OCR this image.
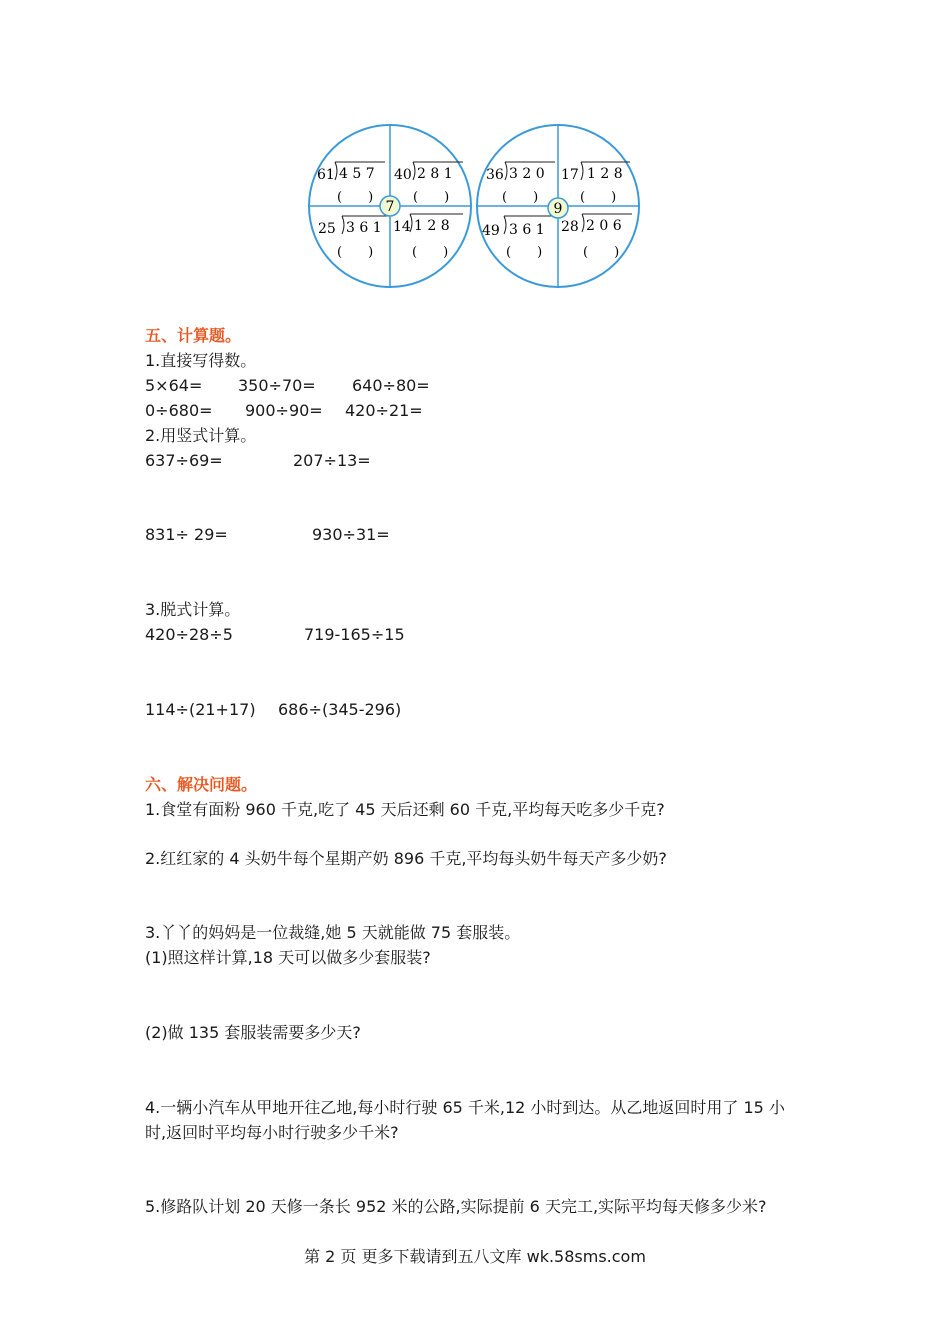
61 4 5 7
(　　)
40 2 8 1
(　　)
25 3 6 1
(　　)
14 1 2 8
(　　)
7
36 3 2 0
(　　)
17 1 2 8
(　　)
49 3 6 1
(　　)
28 2 0 6
(　　)
9
五、计算题。
1.直接写得数。
5×64= 350÷70= 640÷80=
0÷680= 900÷90= 420÷21=
2.用竖式计算。
637÷69=	207÷13=
831÷ 29=	930÷31=
3.脱式计算。
420÷28÷5	719-165÷15
114÷(21+17) 686÷(345-296)
六、解决问题。
1.食堂有面粉 960 千克,吃了 45 天后还剩 60 千克,平均每天吃多少千克?
2.红红家的 4 头奶牛每个星期产奶 896 千克,平均每头奶牛每天产多少奶?
3.丫丫的妈妈是一位裁缝,她 5 天就能做 75 套服装。
(1)照这样计算,18 天可以做多少套服装?
(2)做 135 套服装需要多少天?
4.一辆小汽车从甲地开往乙地,每小时行驶 65 千米,12 小时到达。从乙地返回时用了 15 小
时,返回时平均每小时行驶多少千米?
5.修路队计划 20 天修一条长 952 米的公路,实际提前 6 天完工,实际平均每天修多少米?
第 2 页 更多下载请到五八文库 wk.58sms.com
